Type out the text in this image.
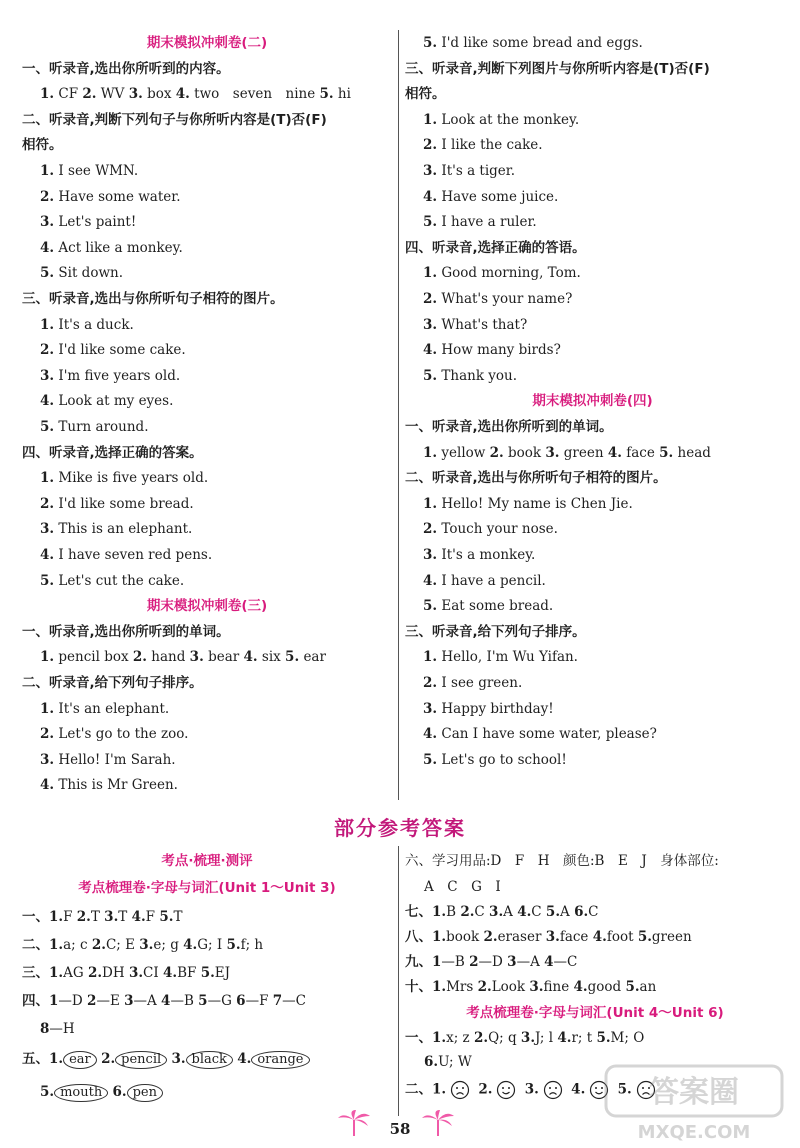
期末模拟冲刺卷(二)
一、听录音,选出你所听到的内容。
1. CF 2. WV 3. box 4. two　seven　nine 5. hi
二、听录音,判断下列句子与你所听内容是(T)否(F)
相符。
1. I see WMN.
2. Have some water.
3. Let's paint!
4. Act like a monkey.
5. Sit down.
三、听录音,选出与你所听句子相符的图片。
1. It's a duck.
2. I'd like some cake.
3. I'm five years old.
4. Look at my eyes.
5. Turn around.
四、听录音,选择正确的答案。
1. Mike is five years old.
2. I'd like some bread.
3. This is an elephant.
4. I have seven red pens.
5. Let's cut the cake.
期末模拟冲刺卷(三)
一、听录音,选出你所听到的单词。
1. pencil box 2. hand 3. bear 4. six 5. ear
二、听录音,给下列句子排序。
1. It's an elephant.
2. Let's go to the zoo.
3. Hello! I'm Sarah.
4. This is Mr Green.
5. I'd like some bread and eggs.
三、听录音,判断下列图片与你所听内容是(T)否(F)
相符。
1. Look at the monkey.
2. I like the cake.
3. It's a tiger.
4. Have some juice.
5. I have a ruler.
四、听录音,选择正确的答语。
1. Good morning, Tom.
2. What's your name?
3. What's that?
4. How many birds?
5. Thank you.
期末模拟冲刺卷(四)
一、听录音,选出你所听到的单词。
1. yellow 2. book 3. green 4. face 5. head
二、听录音,选出与你所听句子相符的图片。
1. Hello! My name is Chen Jie.
2. Touch your nose.
3. It's a monkey.
4. I have a pencil.
5. Eat some bread.
三、听录音,给下列句子排序。
1. Hello, I'm Wu Yifan.
2. I see green.
3. Happy birthday!
4. Can I have some water, please?
5. Let's go to school!
部分参考答案
考点·梳理·测评
考点梳理卷·字母与词汇(Unit 1～Unit 3)
一、1.F 2.T 3.T 4.F 5.T
二、1.a; c 2.C; E 3.e; g 4.G; I 5.f; h
三、1.AG 2.DH 3.CI 4.BF 5.EJ
四、1—D 2—E 3—A 4—B 5—G 6—F 7—C
8—H
五、1. ear 2. pencil 3. black 4. orange
5. mouth 6. pen
六、学习用品:D　F　H　颜色:B　E　J　身体部位:
A　C　G　I
七、1.B 2.C 3.A 4.C 5.A 6.C
八、1.book 2.eraser 3.face 4.foot 5.green
九、1—B 2—D 3—A 4—C
十、1.Mrs 2.Look 3.fine 4.good 5.an
考点梳理卷·字母与词汇(Unit 4～Unit 6)
一、1.x; z 2.Q; q 3.J; l 4.r; t 5.M; O
6.U; W
二、1. 2. 3. 4. 5.
58
答案圈
MXQE.COM
